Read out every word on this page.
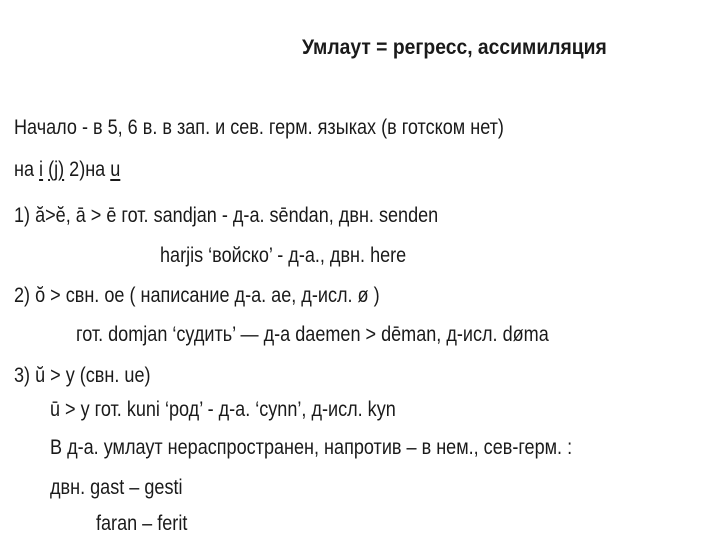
Умлаут = регресс, ассимиляция
Начало - в 5, 6 в. в зап. и сев. герм. языках (в готском нет)
на i (j) 2)на u
1) ă>ĕ, ā > ē гот. sandjan - д-а. sēndan, двн. senden
harjis ‘войско’ - д-а., двн. here
2) ŏ > свн. oe ( написание д-а. ae, д-исл. ø )
гот. domjan ‘судить’ — д-а daemen > dēman, д-исл. døma
3) ŭ > y (свн. ue)
ū > y гот. kuni ‘род’ - д-а. ‘cynn’, д-исл. kyn
В д-а. умлаут нераспространен, напротив – в нем., сев-герм. :
двн. gast – gesti
faran – ferit
